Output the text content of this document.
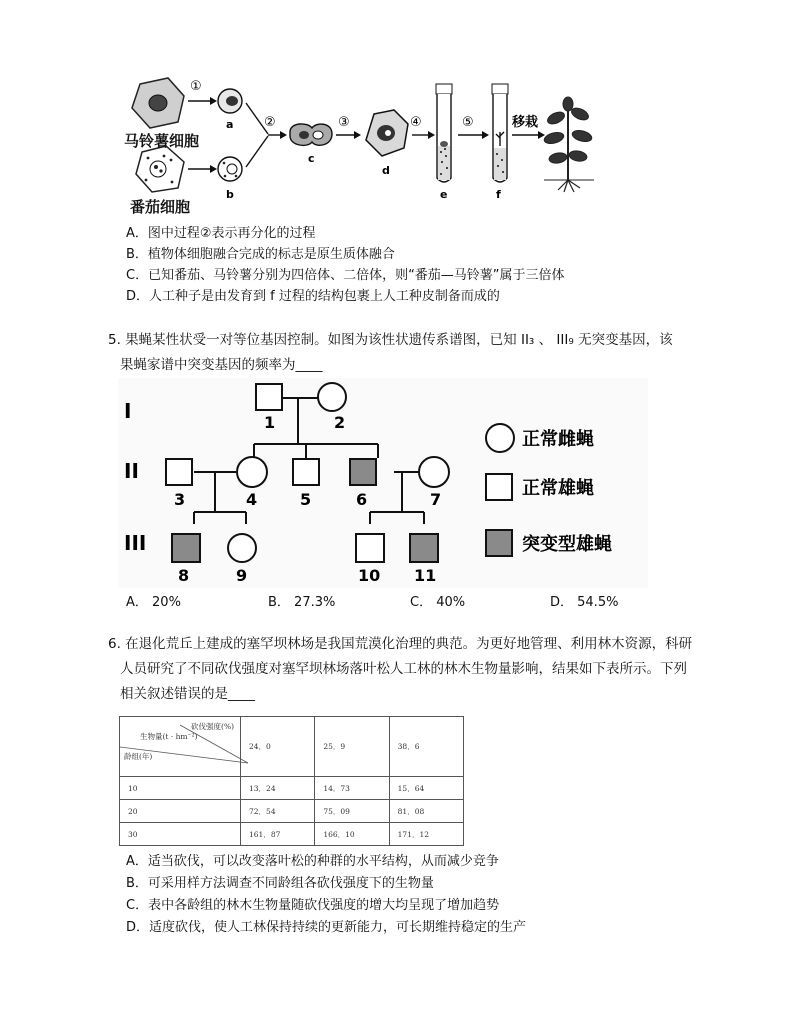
①
a
b
②
c
③
d
④
e
⑤
f
移栽
马铃薯细胞
番茄细胞
A．图中过程②表示再分化的过程
B．植物体细胞融合完成的标志是原生质体融合
C．已知番茄、马铃薯分别为四倍体、二倍体，则“番茄—马铃薯”属于三倍体
D．人工种子是由发育到 f 过程的结构包裹上人工种皮制备而成的
5. 果蝇某性状受一对等位基因控制。如图为该性状遗传系谱图，已知 II₃ 、 III₉ 无突变基因，该
果蝇家谱中突变基因的频率为____
I
II
III
1	2
3	4	5	6	7
8	9	10 11
正常雌蝇
正常雄蝇
突变型雄蝇
A． 20%	B． 27.3%	C． 40%	D． 54.5%
6. 在退化荒丘上建成的塞罕坝林场是我国荒漠化治理的典范。为更好地管理、利用林木资源，科研
人员研究了不同砍伐强度对塞罕坝林场落叶松人工林的林木生物量影响，结果如下表所示。下列
相关叙述错误的是____
砍伐强度(%)
生物量(t · hm⁻²)
龄组(年)	24．0	25．9	38．6
10	13．24	14．73	15．64
20	72．54	75．09	81．08
30	161．87	166．10	171．12
A．适当砍伐，可以改变落叶松的种群的水平结构，从而减少竞争
B．可采用样方法调查不同龄组各砍伐强度下的生物量
C．表中各龄组的林木生物量随砍伐强度的增大均呈现了增加趋势
D．适度砍伐，使人工林保持持续的更新能力，可长期维持稳定的生产
